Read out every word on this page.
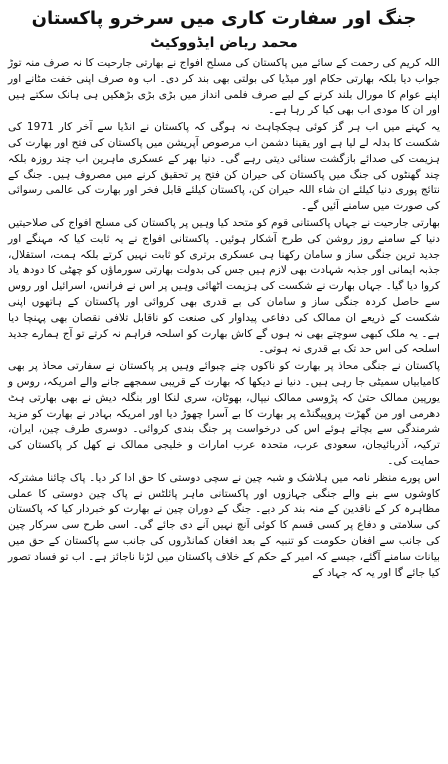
جنگ اور سفارت کاری میں سرخرو پاکستان
محمد ریاض ایڈووکیٹ

اللہ کریم کی رحمت کے سائے میں پاکستان کی مسلح افواج نے بھارتی جارحیت کا نہ صرف منہ توڑ جواب دیا بلکہ بھارتی حکام اور میڈیا کی بولتی بھی بند کر دی۔ اب وہ صرف اپنی خفت مٹانے اور اپنے عوام کا مورال بلند کرنے کے لیے صرف فلمی انداز میں بڑی بڑی بڑھکیں ہی ہانک سکتے ہیں اور ان کا مودی اب بھی کیا کر رہا ہے۔

یہ کہنے میں اب ہر گز کوئی ہچکچاہٹ نہ ہوگی کہ پاکستان نے انڈیا سے آخر کار 1971 کی شکست کا بدلہ لے لیا ہے اور یقینا دشمن اب مرصوص آپریشن میں پاکستان کی فتح اور بھارت کی ہزیمت کی صدائے بازگشت سنائی دیتی رہے گی۔ دنیا بھر کے عسکری ماہرین اب چند روزہ بلکہ چند گھنٹوں کی جنگ میں پاکستان کی حیران کن فتح پر تحقیق کرنے میں مصروف ہیں۔ جنگ کے نتائج پوری دنیا کیلئے ان شاء اللہ حیران کن، پاکستان کیلئے قابل فخر اور بھارت کی عالمی رسوائی کی صورت میں سامنے آئیں گے۔

بھارتی جارحیت نے جہاں پاکستانی قوم کو متحد کیا وہیں پر پاکستان کی مسلح افواج کی صلاحیتیں دنیا کے سامنے روز روشن کی طرح آشکار ہوئیں۔ پاکستانی افواج نے یہ ثابت کیا کہ مہنگے اور جدید ترین جنگی ساز و سامان رکھنا ہی عسکری برتری کو ثابت نہیں کرتے بلکہ ہمت، استقلال، جذبہ ایمانی اور جذبہ شہادت بھی لازم ہیں جس کی بدولت بھارتی سورماؤں کو چھٹی کا دودھ یاد کروا دیا گیا۔ جہاں بھارت نے شکست کی ہزیمت اٹھائی وہیں پر اس نے فرانس، اسرائیل اور روس سے حاصل کردہ جنگی ساز و سامان کی بے قدری بھی کروائی اور پاکستان کے ہاتھوں اپنی شکست کے ذریعے ان ممالک کی دفاعی پیداوار کی صنعت کو ناقابل تلافی نقصان بھی پہنچا دیا ہے۔ یہ ملک کبھی سوچتے بھی نہ ہوں گے کاش بھارت کو اسلحہ فراہم نہ کرتے تو آج ہمارے جدید اسلحہ کی اس حد تک بے قدری نہ ہوتی۔

پاکستان نے جنگی محاذ پر بھارت کو ناکوں چنے چبوائے وہیں پر پاکستان نے سفارتی محاذ پر بھی کامیابیاں سمیٹی جا رہی ہیں۔ دنیا نے دیکھا کہ بھارت کے قریبی سمجھے جانے والے امریکہ، روس و یورپین ممالک حتیٰ کہ پڑوسی ممالک نیپال، بھوٹان، سری لنکا اور بنگلہ دیش نے بھی بھارتی ہٹ دھرمی اور من گھڑت پروپیگنڈے پر بھارت کا بے آسرا چھوڑ دیا اور امریکہ بہادر نے بھارت کو مزید شرمندگی سے بچاتے ہوئے اس کی درخواست پر جنگ بندی کروائی۔ دوسری طرف چین، ایران، ترکیہ، آذربائیجان، سعودی عرب، متحدہ عرب امارات و خلیجی ممالک نے کھل کر پاکستان کی حمایت کی۔

اس پورے منظر نامہ میں ہلاشک و شبہ چین نے سچی دوستی کا حق ادا کر دیا۔ پاک چائنا مشترکہ کاوشوں سے بنے والے جنگی جہازوں اور پاکستانی ماہر پائلٹس نے پاک چین دوستی کا عملی مظاہرہ کر کے ناقدین کے منہ بند کر دیے۔ جنگ کے دوران چین نے بھارت کو خبردار کیا کہ پاکستان کی سلامتی و دفاع پر کسی قسم کا کوئی آنچ نہیں آنے دی جائے گی۔ اسی طرح سی سرکار چین کی جانب سے افغان حکومت کو تنبیہ کے بعد افغان کمانڈروں کی جانب سے پاکستان کے حق میں بیانات سامنے آگئے، جیسے کہ امیر کے حکم کے خلاف پاکستان میں لڑنا ناجائز ہے۔ اب تو فساد تصور کیا جائے گا اور یہ کہ جہاد کے
